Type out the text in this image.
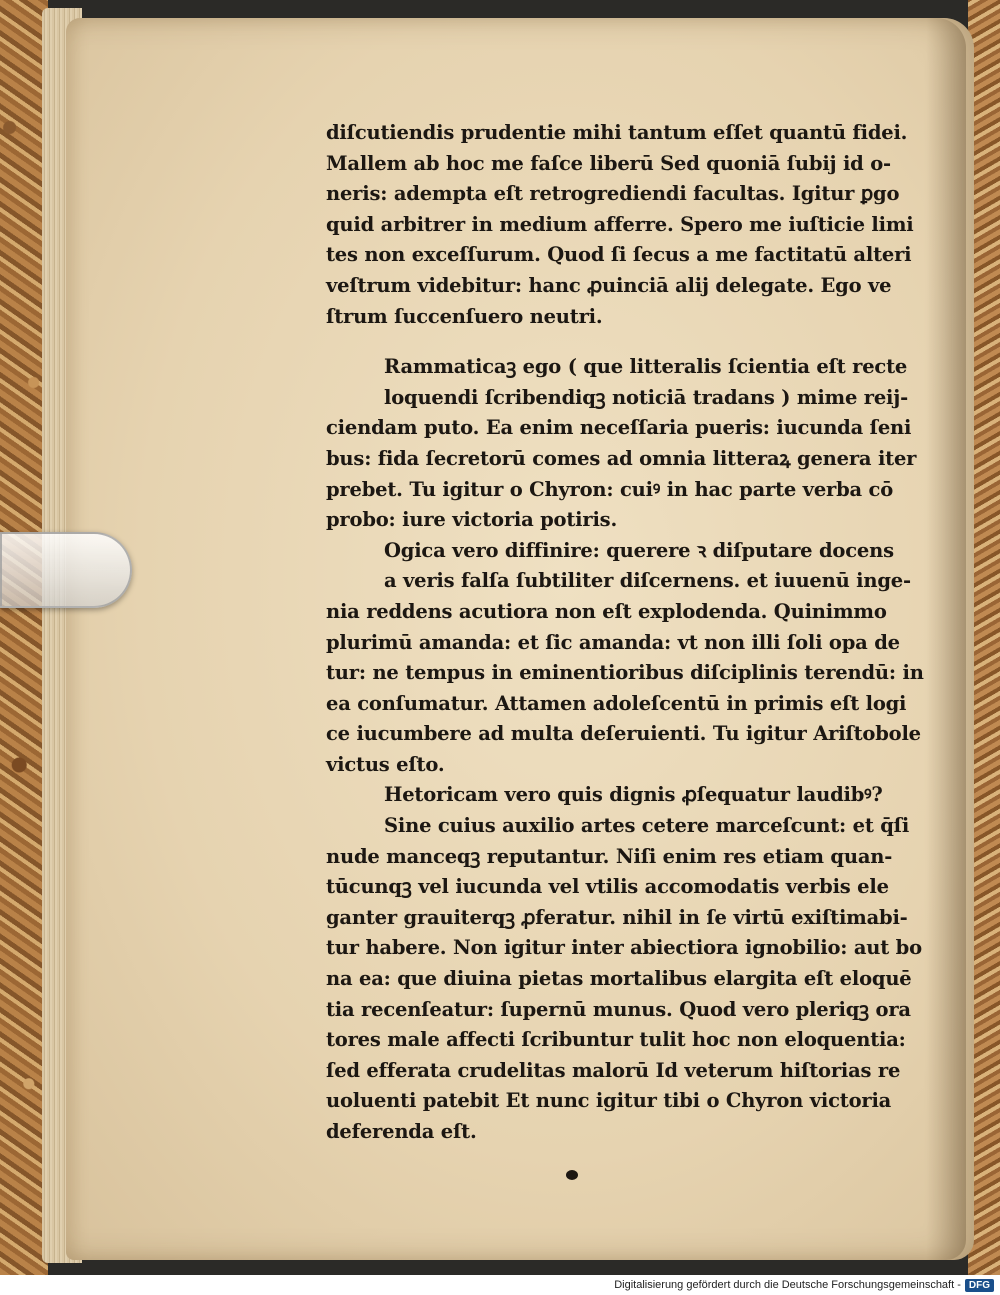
diſcutiendis prudentie mihi tantum eſſet quantū fidei.
Mallem ab hoc me faſce liberū Sed quoniā ſubij id o-
neris: adempta eſt retrogrediendi facultas. Igitur ꝑgo
quid arbitrer in medium afferre. Spero me iuſticie limi
tes non exceſſurum. Quod ſi ſecus a me factitatū alteri
veſtrum videbitur: hanc ꝓuinciā alij delegate. Ego ve
ſtrum ſuccenſuero neutri.
Rammaticaꝫ ego ( que litteralis ſcientia eſt recte
loquendi ſcribendiqꝫ noticiā tradans ) mime reij-
ciendam puto. Ea enim neceſſaria pueris: iucunda ſeni
bus: fida ſecretorū comes ad omnia litteraꝝ genera iter
prebet. Tu igitur o Chyron: cuiꝰ in hac parte verba cō
probo: iure victoria potiris.
Ogica vero diffinire: querere ꝛ diſputare docens
a veris falſa ſubtiliter diſcernens. et iuuenū inge-
nia reddens acutiora non eſt explodenda. Quinimmo
plurimū amanda: et ſic amanda: vt non illi ſoli opa de
tur: ne tempus in eminentioribus diſciplinis terendū: in
ea conſumatur. Attamen adoleſcentū in primis eſt logi
ce iucumbere ad multa deſeruienti. Tu igitur Ariſtobole
victus eſto.
Hetoricam vero quis dignis ꝓſequatur laudibꝰ?
Sine cuius auxilio artes cetere marceſcunt: et q̄ſi
nude manceqꝫ reputantur. Niſi enim res etiam quan-
tūcunqꝫ vel iucunda vel vtilis accomodatis verbis ele
ganter grauiterqꝫ ꝓferatur. nihil in ſe virtū exiſtimabi-
tur habere. Non igitur inter abiectiora ignobilio: aut bo
na ea: que diuina pietas mortalibus elargita eſt eloquē
tia recenſeatur: ſupernū munus. Quod vero pleriqꝫ ora
tores male affecti ſcribuntur tulit hoc non eloquentia:
ſed efferata crudelitas malorū Id veterum hiſtorias re
uoluenti patebit Et nunc igitur tibi o Chyron victoria
deferenda eſt.
Digitalisierung gefördert durch die Deutsche Forschungsgemeinschaft - DFG
